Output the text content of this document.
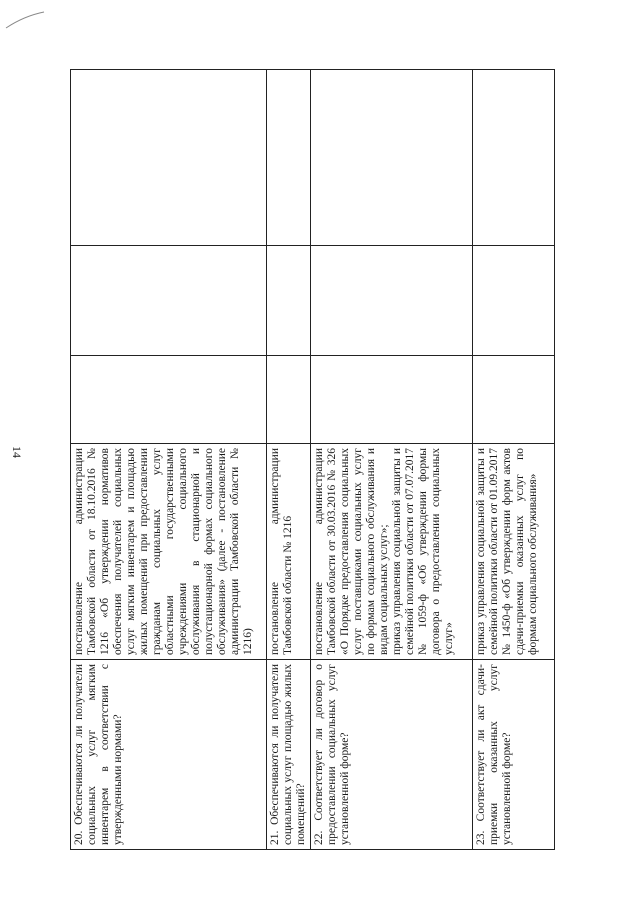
14
20. Обеспечиваются ли получатели социальных услуг мягким инвентарем в соответствии с утвержденными нормами?	постановление администрации Тамбовской области от 18.10.2016 № 1216 «Об утверждении нормативов обеспечения получателей социальных услуг мягким инвентарем и площадью жилых помещений при предоставлении гражданам социальных услуг областными государственными учреждениями социального обслуживания в стационарной и полустационарной формах социального обслуживания» (далее - постановление администрации Тамбовской области № 1216)			

21. Обеспечиваются ли получатели социальных услуг площадью жилых помещений?	постановление администрации Тамбовской области № 1216			

22. Соответствует ли договор о предоставлении социальных услуг установленной форме?	постановление администрации Тамбовской области от 30.03.2016 № 326 «О Порядке предоставления социальных услуг поставщиками социальных услуг по формам социального обслуживания и видам социальных услуг»; приказ управления социальной защиты и семейной политики области от 07.07.2017 № 1059-ф «Об утверждении формы договора о предоставлении социальных услуг»			

23. Соответствует ли акт сдачи-приемки оказанных услуг установленной форме?	приказ управления социальной защиты и семейной политики области от 01.09.2017 № 1450-ф «Об утверждении форм актов сдачи-приемки оказанных услуг по формам социального обслуживания»			
